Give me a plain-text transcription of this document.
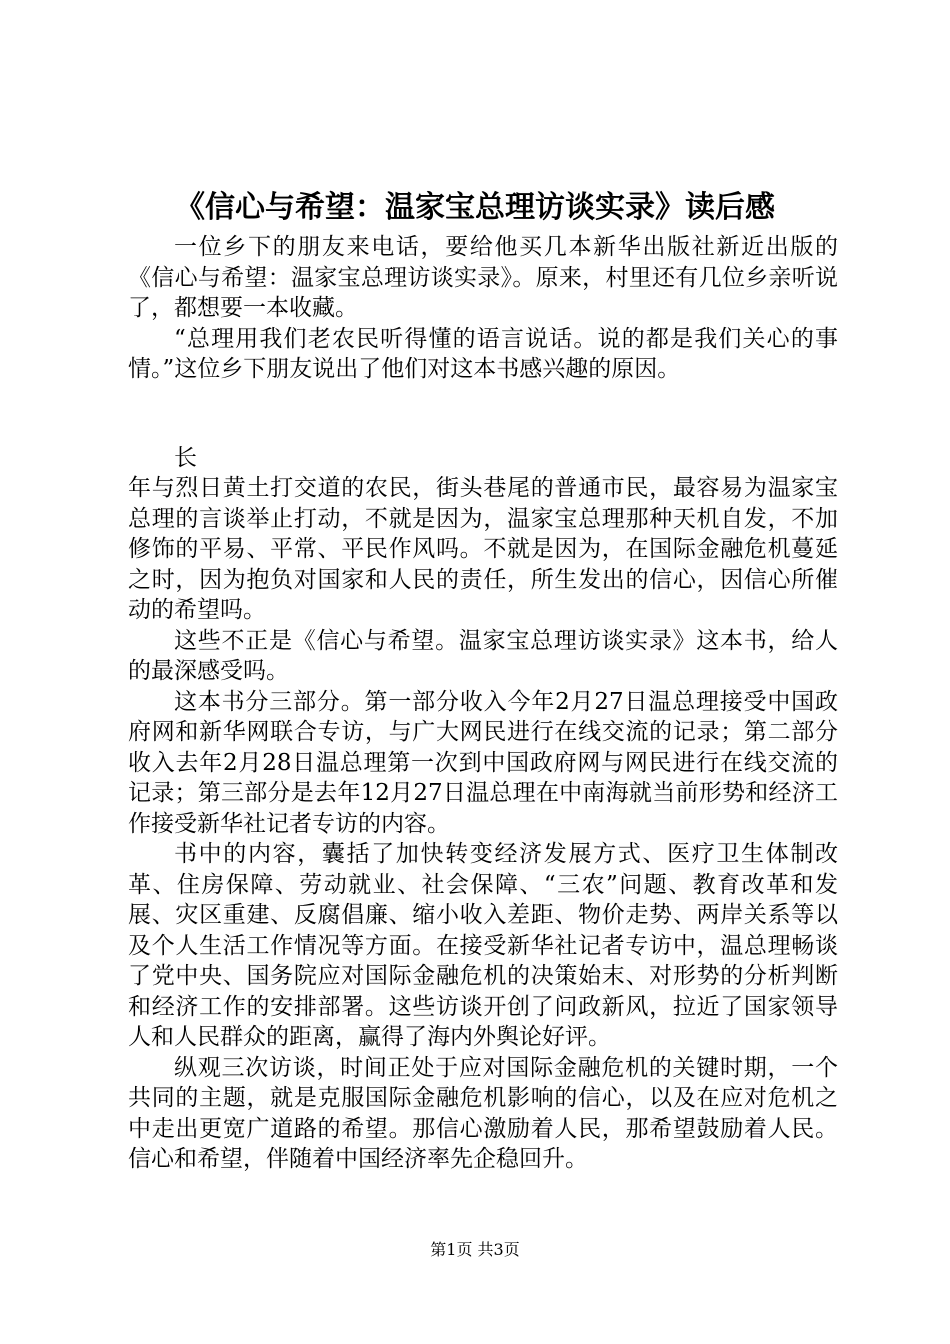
《信心与希望：温家宝总理访谈实录》读后感

一位乡下的朋友来电话，要给他买几本新华出版社新近出版的《信心与希望：温家宝总理访谈实录》。原来，村里还有几位乡亲听说了，都想要一本收藏。

“总理用我们老农民听得懂的语言说话。说的都是我们关心的事情。”这位乡下朋友说出了他们对这本书感兴趣的原因。

长

年与烈日黄土打交道的农民，街头巷尾的普通市民，最容易为温家宝总理的言谈举止打动，不就是因为，温家宝总理那种天机自发，不加修饰的平易、平常、平民作风吗。不就是因为，在国际金融危机蔓延之时，因为抱负对国家和人民的责任，所生发出的信心，因信心所催动的希望吗。

这些不正是《信心与希望。温家宝总理访谈实录》这本书，给人的最深感受吗。

这本书分三部分。第一部分收入今年2月27日温总理接受中国政府网和新华网联合专访，与广大网民进行在线交流的记录；第二部分收入去年2月28日温总理第一次到中国政府网与网民进行在线交流的记录；第三部分是去年12月27日温总理在中南海就当前形势和经济工作接受新华社记者专访的内容。

书中的内容，囊括了加快转变经济发展方式、医疗卫生体制改革、住房保障、劳动就业、社会保障、“三农”问题、教育改革和发展、灾区重建、反腐倡廉、缩小收入差距、物价走势、两岸关系等以及个人生活工作情况等方面。在接受新华社记者专访中，温总理畅谈了党中央、国务院应对国际金融危机的决策始末、对形势的分析判断和经济工作的安排部署。这些访谈开创了问政新风，拉近了国家领导人和人民群众的距离，赢得了海内外舆论好评。

纵观三次访谈，时间正处于应对国际金融危机的关键时期，一个共同的主题，就是克服国际金融危机影响的信心，以及在应对危机之中走出更宽广道路的希望。那信心激励着人民，那希望鼓励着人民。信心和希望，伴随着中国经济率先企稳回升。

第1页 共3页
